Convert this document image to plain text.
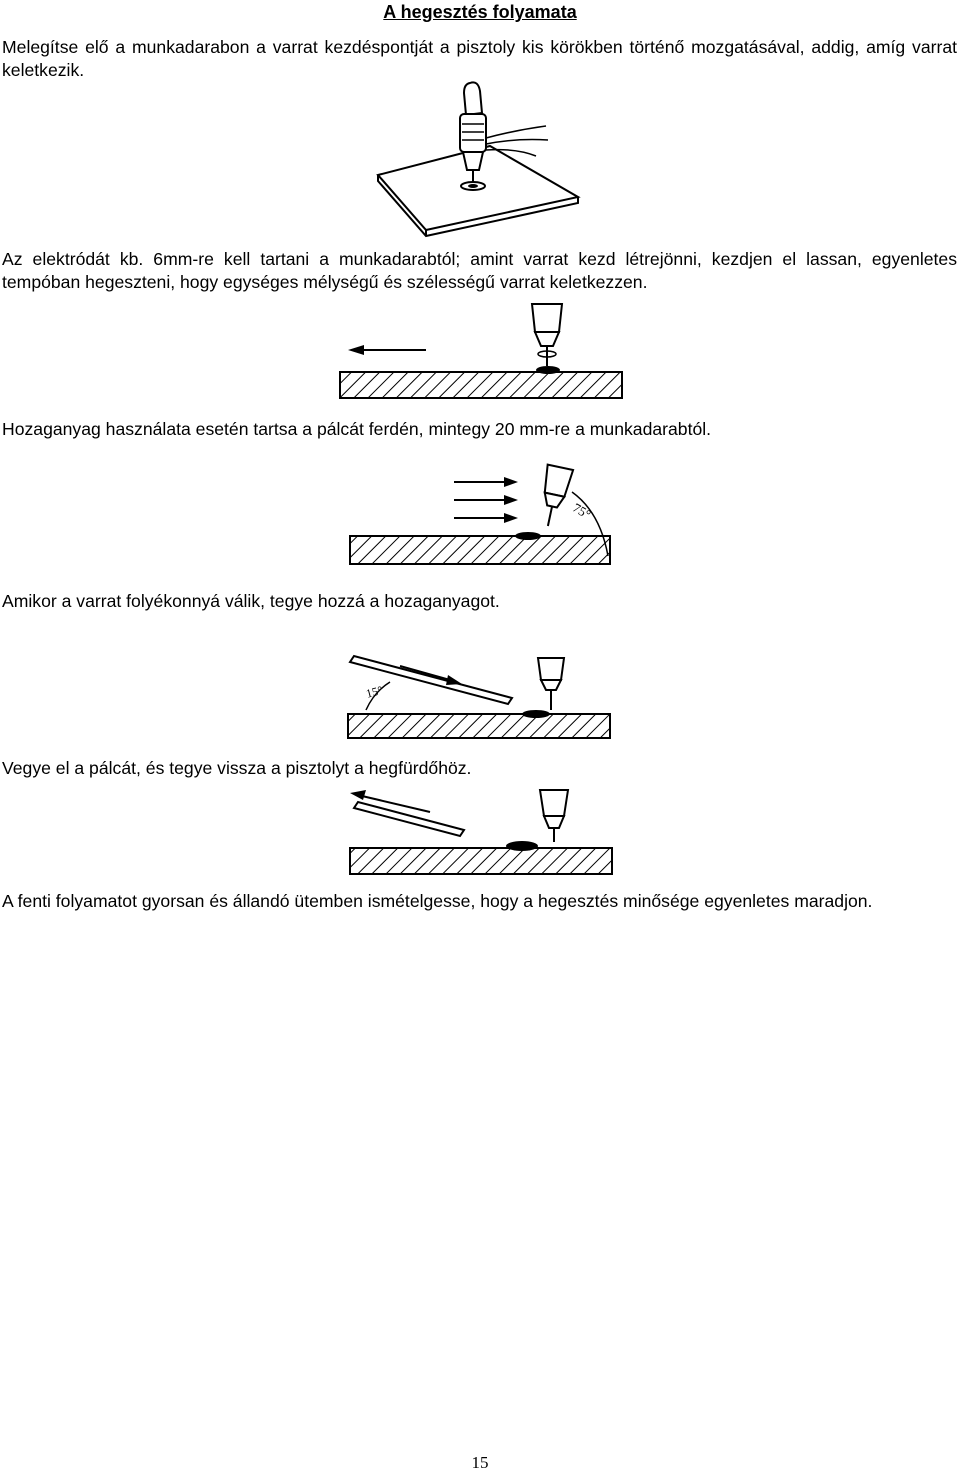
A hegesztés folyamata
Melegítse elő a munkadarabon a varrat kezdéspontját a pisztoly kis körökben történő mozgatásával, addig, amíg varrat keletkezik.
Az elektródát kb. 6mm-re kell tartani a munkadarabtól; amint varrat kezd létrejönni, kezdjen el lassan, egyenletes tempóban hegeszteni, hogy egységes mélységű és szélességű varrat keletkezzen.
Hozaganyag használata esetén tartsa a pálcát ferdén, mintegy 20 mm-re a munkadarabtól.
75°
Amikor a varrat folyékonnyá válik, tegye hozzá a hozaganyagot.
15°
Vegye el a pálcát, és tegye vissza a pisztolyt a hegfürdőhöz.
A fenti folyamatot gyorsan és állandó ütemben ismételgesse, hogy a hegesztés minősége egyenletes maradjon.
15
